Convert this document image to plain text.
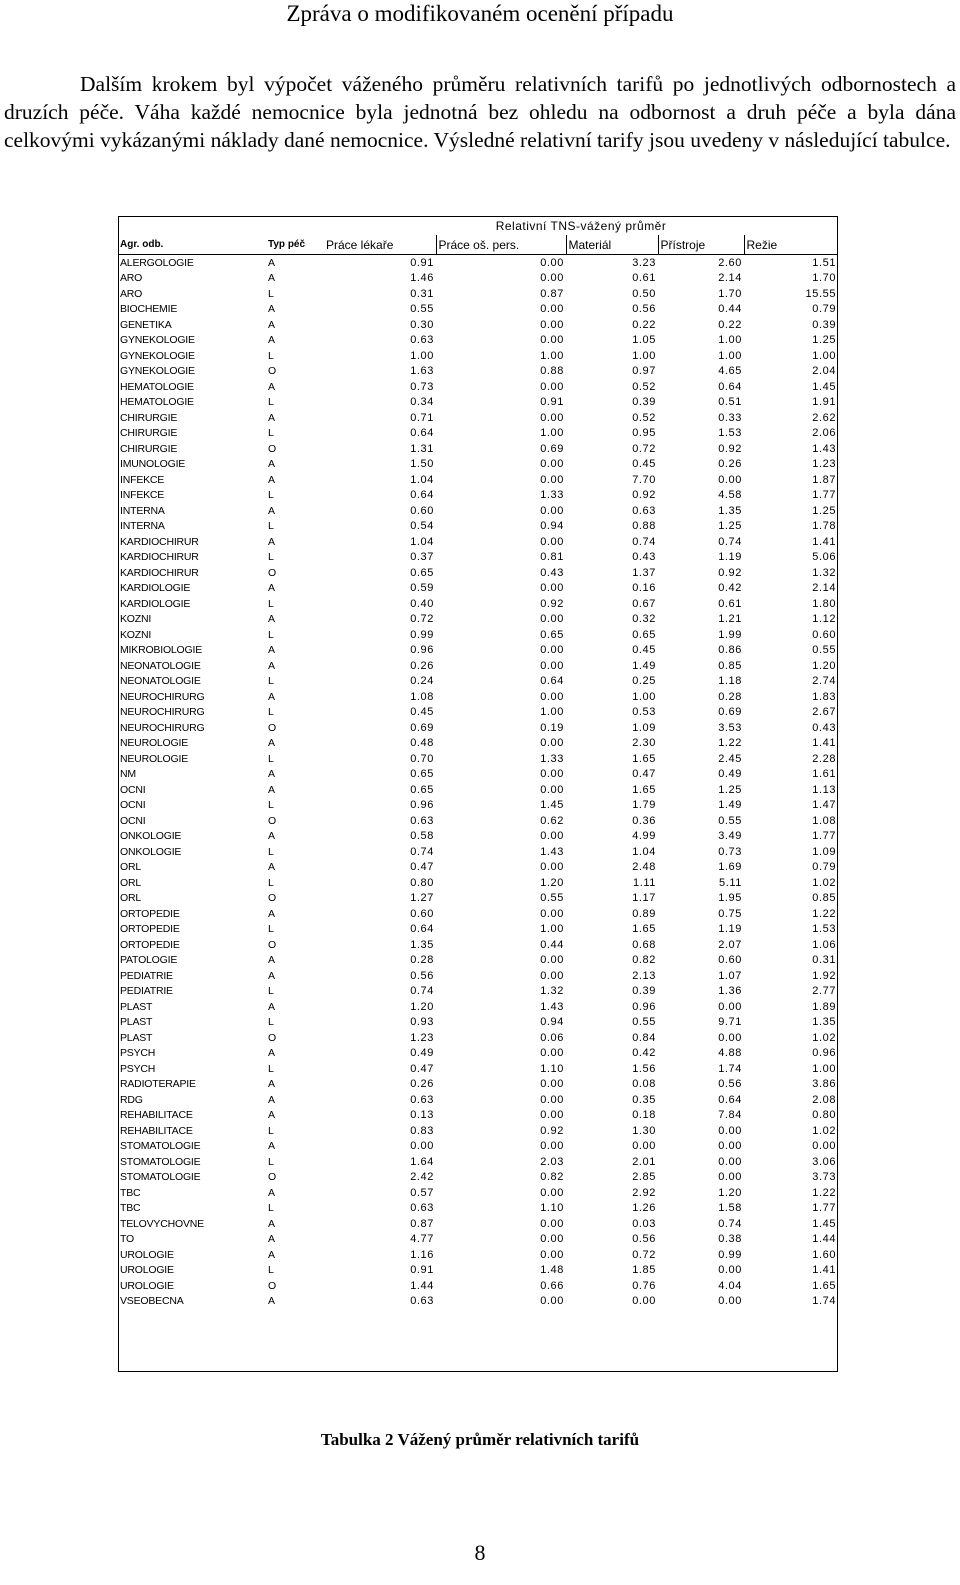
Zpráva o modifikovaném ocenění případu

Dalším krokem byl výpočet váženého průměru relativních tarifů po jednotlivých odbornostech a druzích péče. Váha každé nemocnice byla jednotná bez ohledu na odbornost a druh péče a byla dána celkovými vykázanými náklady dané nemocnice. Výsledné relativní tarify jsou uvedeny v následující tabulce.

		Relativní TNS-vážený průměr				
Agr. odb.	Typ péč	Práce lékaře	Práce oš. pers.	Materiál	Přístroje	Režie
ALERGOLOGIE	A	0.91	0.00	3.23	2.60	1.51
ARO	A	1.46	0.00	0.61	2.14	1.70
ARO	L	0.31	0.87	0.50	1.70	15.55
BIOCHEMIE	A	0.55	0.00	0.56	0.44	0.79
GENETIKA	A	0.30	0.00	0.22	0.22	0.39
GYNEKOLOGIE	A	0.63	0.00	1.05	1.00	1.25
GYNEKOLOGIE	L	1.00	1.00	1.00	1.00	1.00
GYNEKOLOGIE	O	1.63	0.88	0.97	4.65	2.04
HEMATOLOGIE	A	0.73	0.00	0.52	0.64	1.45
HEMATOLOGIE	L	0.34	0.91	0.39	0.51	1.91
CHIRURGIE	A	0.71	0.00	0.52	0.33	2.62
CHIRURGIE	L	0.64	1.00	0.95	1.53	2.06
CHIRURGIE	O	1.31	0.69	0.72	0.92	1.43
IMUNOLOGIE	A	1.50	0.00	0.45	0.26	1.23
INFEKCE	A	1.04	0.00	7.70	0.00	1.87
INFEKCE	L	0.64	1.33	0.92	4.58	1.77
INTERNA	A	0.60	0.00	0.63	1.35	1.25
INTERNA	L	0.54	0.94	0.88	1.25	1.78
KARDIOCHIRUR	A	1.04	0.00	0.74	0.74	1.41
KARDIOCHIRUR	L	0.37	0.81	0.43	1.19	5.06
KARDIOCHIRUR	O	0.65	0.43	1.37	0.92	1.32
KARDIOLOGIE	A	0.59	0.00	0.16	0.42	2.14
KARDIOLOGIE	L	0.40	0.92	0.67	0.61	1.80
KOZNI	A	0.72	0.00	0.32	1.21	1.12
KOZNI	L	0.99	0.65	0.65	1.99	0.60
MIKROBIOLOGIE	A	0.96	0.00	0.45	0.86	0.55
NEONATOLOGIE	A	0.26	0.00	1.49	0.85	1.20
NEONATOLOGIE	L	0.24	0.64	0.25	1.18	2.74
NEUROCHIRURG	A	1.08	0.00	1.00	0.28	1.83
NEUROCHIRURG	L	0.45	1.00	0.53	0.69	2.67
NEUROCHIRURG	O	0.69	0.19	1.09	3.53	0.43
NEUROLOGIE	A	0.48	0.00	2.30	1.22	1.41
NEUROLOGIE	L	0.70	1.33	1.65	2.45	2.28
NM	A	0.65	0.00	0.47	0.49	1.61
OCNI	A	0.65	0.00	1.65	1.25	1.13
OCNI	L	0.96	1.45	1.79	1.49	1.47
OCNI	O	0.63	0.62	0.36	0.55	1.08
ONKOLOGIE	A	0.58	0.00	4.99	3.49	1.77
ONKOLOGIE	L	0.74	1.43	1.04	0.73	1.09
ORL	A	0.47	0.00	2.48	1.69	0.79
ORL	L	0.80	1.20	1.11	5.11	1.02
ORL	O	1.27	0.55	1.17	1.95	0.85
ORTOPEDIE	A	0.60	0.00	0.89	0.75	1.22
ORTOPEDIE	L	0.64	1.00	1.65	1.19	1.53
ORTOPEDIE	O	1.35	0.44	0.68	2.07	1.06
PATOLOGIE	A	0.28	0.00	0.82	0.60	0.31
PEDIATRIE	A	0.56	0.00	2.13	1.07	1.92
PEDIATRIE	L	0.74	1.32	0.39	1.36	2.77
PLAST	A	1.20	1.43	0.96	0.00	1.89
PLAST	L	0.93	0.94	0.55	9.71	1.35
PLAST	O	1.23	0.06	0.84	0.00	1.02
PSYCH	A	0.49	0.00	0.42	4.88	0.96
PSYCH	L	0.47	1.10	1.56	1.74	1.00
RADIOTERAPIE	A	0.26	0.00	0.08	0.56	3.86
RDG	A	0.63	0.00	0.35	0.64	2.08
REHABILITACE	A	0.13	0.00	0.18	7.84	0.80
REHABILITACE	L	0.83	0.92	1.30	0.00	1.02
STOMATOLOGIE	A	0.00	0.00	0.00	0.00	0.00
STOMATOLOGIE	L	1.64	2.03	2.01	0.00	3.06
STOMATOLOGIE	O	2.42	0.82	2.85	0.00	3.73
TBC	A	0.57	0.00	2.92	1.20	1.22
TBC	L	0.63	1.10	1.26	1.58	1.77
TELOVYCHOVNE	A	0.87	0.00	0.03	0.74	1.45
TO	A	4.77	0.00	0.56	0.38	1.44
UROLOGIE	A	1.16	0.00	0.72	0.99	1.60
UROLOGIE	L	0.91	1.48	1.85	0.00	1.41
UROLOGIE	O	1.44	0.66	0.76	4.04	1.65
VSEOBECNA	A	0.63	0.00	0.00	0.00	1.74
Tabulka 2 Vážený průměr relativních tarifů
8
